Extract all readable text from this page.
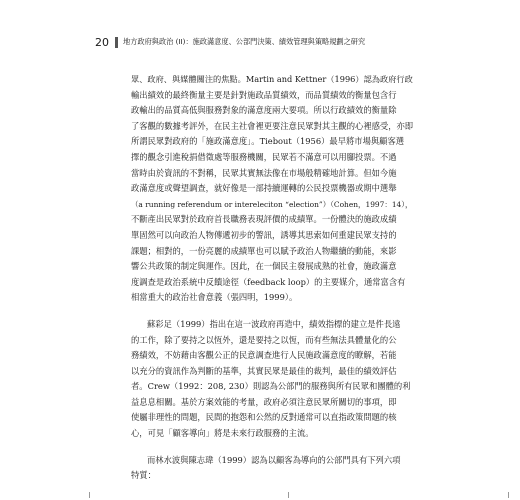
20 地方政府與政治 (II)：施政滿意度、公部門決策、績效管理與策略規劃之研究

眾、政府、與媒體關注的焦點。Martin and Kettner（1996）認為政府行政

輸出績效的最終衡量主要是針對施政品質績效，而品質績效的衡量包含行

政輸出的品質高低與服務對象的滿意度兩大要項。所以行政績效的衡量除

了客觀的數據考評外，在民主社會裡更要注意民眾對其主觀的心裡感受，亦即

所謂民眾對政府的「施政滿意度」。Tiebout（1956）最早將市場與顧客選

擇的觀念引進稅捐借徵處等服務機關，民眾若不滿意可以用腳投票。不過

當時由於資訊的不對稱，民眾其實無法像在市場般精確地計算。但如今施

政滿意度或聲望調查，就好像是一部持續運轉的公民投票機器或期中選舉

（a running referendum or intereleciton “election”）（Cohen，1997：14），

不斷產出民眾對於政府首長職務表現評價的成績單。一份體決的施政成績

單固然可以向政治人物傳遞初步的警訊，誘導其思索如何重建民眾支持的

課題；相對的，一份亮麗的成績單也可以賦予政治人物繼續的動能，來影

響公共政策的制定與運作。因此，在一個民主發展成熟的社會，施政滿意

度調查是政治系統中反饋途徑（feedback loop）的主要媒介，通常富含有

相當重大的政治社會意義（張四明，1999）。

蘇彩足（1999）指出在這一波政府再造中，績效指標的建立是件長遠

的工作，除了要持之以恆外，還是要持之以恆，而有些無法具體量化的公

務績效，不妨藉由客觀公正的民意調查進行人民施政滿意度的瞭解，若能

以充分的資訊作為判斷的基準，其實民眾是最佳的裁判，最佳的績效評估

者。Crew（1992：208, 230）則認為公部門的服務與所有民眾和團體的利

益息息相關。基於方案效能的考量，政府必須注意民眾所關切的事項，即

使屬非理性的問題，民間的抱怨和公然的反對通常可以直指政策問題的核

心，可見「顧客導向」將是未來行政服務的主流。

而林水波與陳志瑋（1999）認為以顧客為導向的公部門具有下列六項

特質：
